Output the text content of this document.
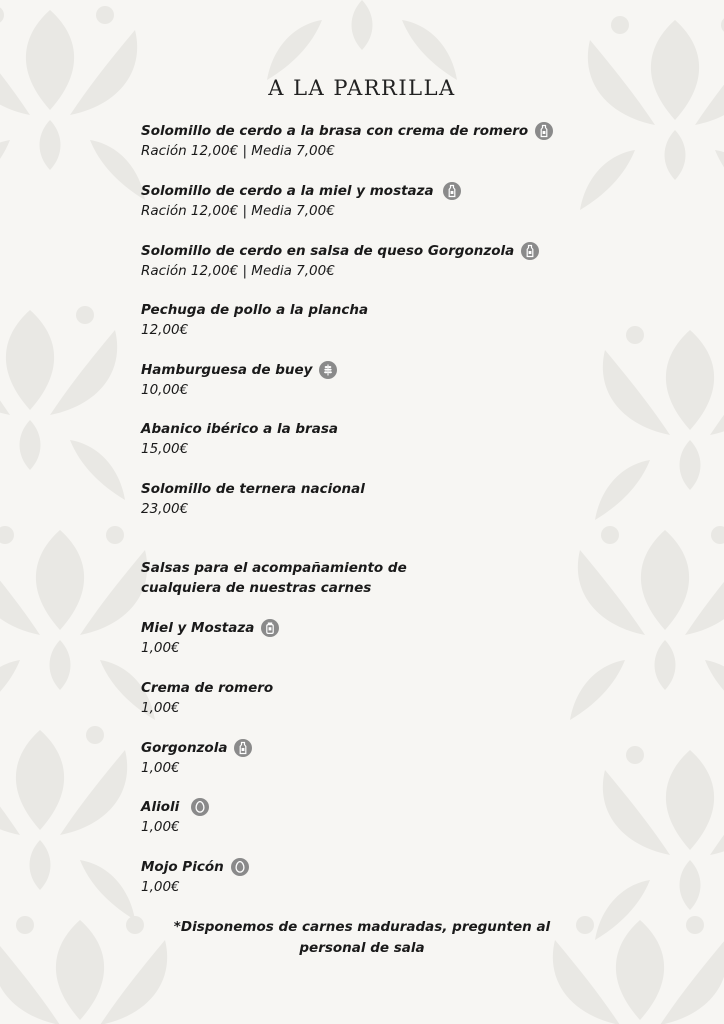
A LA PARRILLA
Solomillo de cerdo a la brasa con crema de romero
Ración 12,00€ | Media 7,00€
Solomillo de cerdo a la miel y mostaza
Ración 12,00€ | Media 7,00€
Solomillo de cerdo en salsa de queso Gorgonzola
Ración 12,00€ | Media 7,00€
Pechuga de pollo a la plancha
12,00€
Hamburguesa de buey
10,00€
Abanico ibérico a la brasa
15,00€
Solomillo de ternera nacional
23,00€
Salsas para el acompañamiento de cualquiera de nuestras carnes
Miel y Mostaza
1,00€
Crema de romero
1,00€
Gorgonzola
1,00€
Alioli
1,00€
Mojo Picón
1,00€
*Disponemos de carnes maduradas, pregunten al
personal de sala
